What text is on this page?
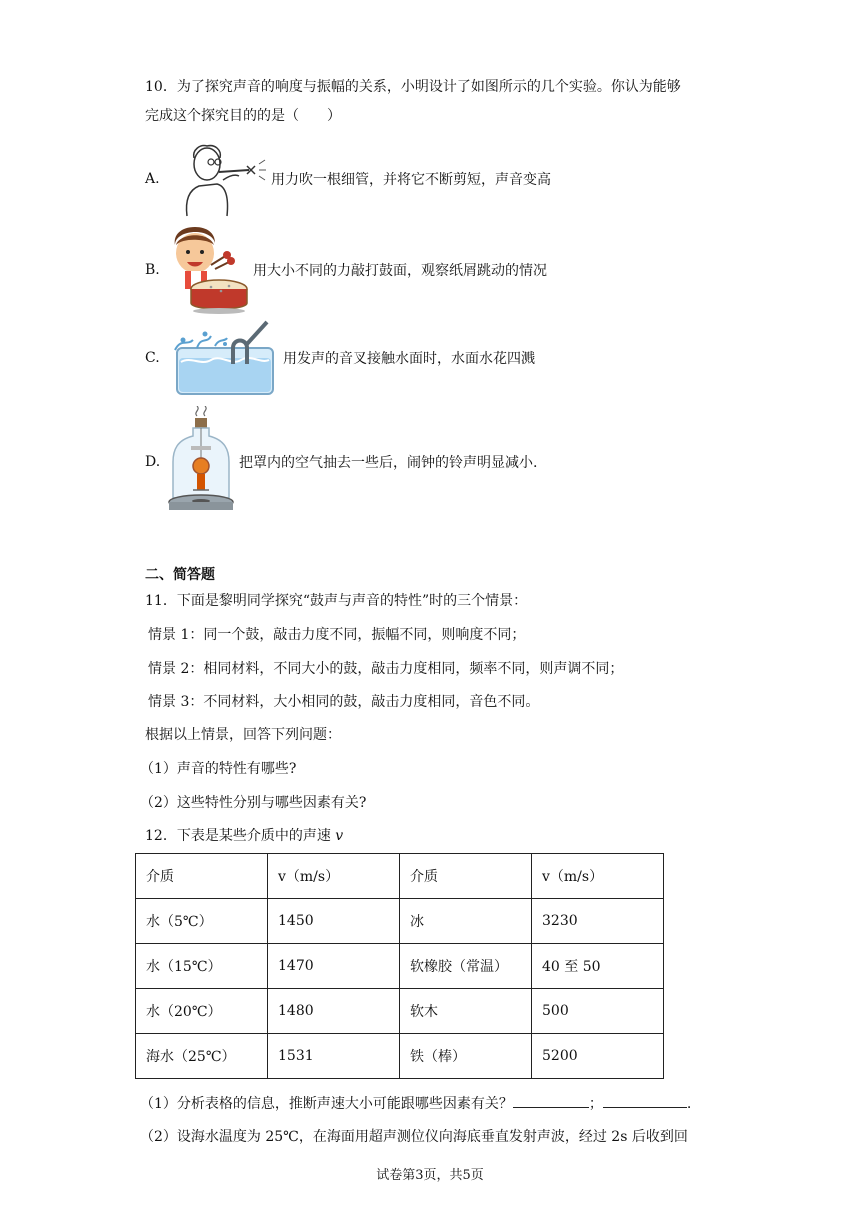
10．为了探究声音的响度与振幅的关系，小明设计了如图所示的几个实验。你认为能够
完成这个探究目的的是（　　）
A.	用力吹一根细管，并将它不断剪短，声音变高
B.	用大小不同的力敲打鼓面，观察纸屑跳动的情况
C.	用发声的音叉接触水面时，水面水花四溅
D.	把罩内的空气抽去一些后，闹钟的铃声明显减小.
二、简答题
11．下面是黎明同学探究“鼓声与声音的特性”时的三个情景：
情景 1：同一个鼓，敲击力度不同，振幅不同，则响度不同；
情景 2：相同材料，不同大小的鼓，敲击力度相同，频率不同，则声调不同；
情景 3：不同材料，大小相同的鼓，敲击力度相同，音色不同。
根据以上情景，回答下列问题：
（1）声音的特性有哪些?
（2）这些特性分别与哪些因素有关?
12．下表是某些介质中的声速 v
介质	v（m/s）	介质	v（m/s）
水（5℃）	1450	冰	3230
水（15℃）	1470	软橡胶（常温）	40 至 50
水（20℃）	1480	软木	500
海水（25℃）	1531	铁（棒）	5200
（1）分析表格的信息，推断声速大小可能跟哪些因素有关？	；	.
（2）设海水温度为 25℃，在海面用超声测位仪向海底垂直发射声波，经过 2s 后收到回
试卷第3页，共5页
